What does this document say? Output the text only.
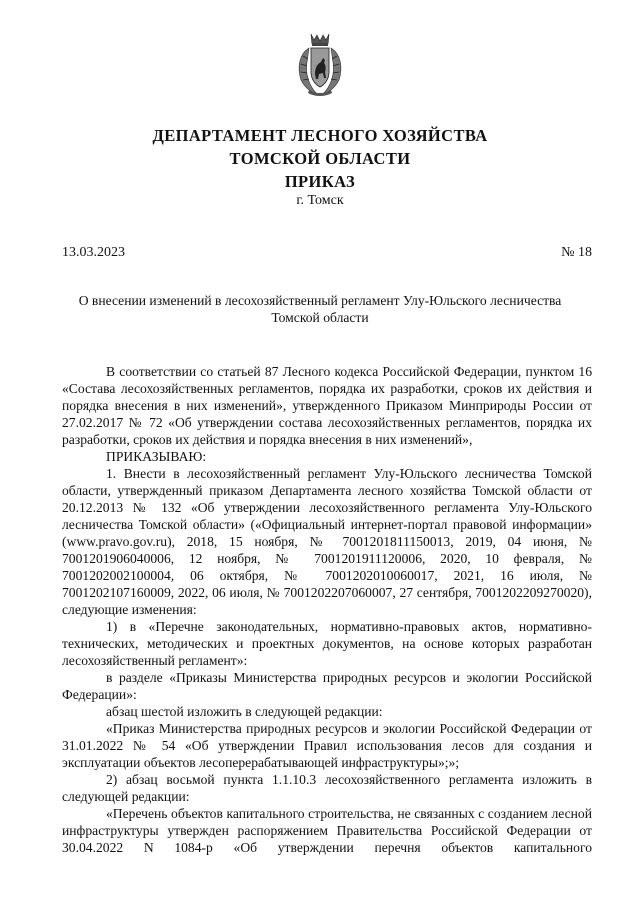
ДЕПАРТАМЕНТ ЛЕСНОГО ХОЗЯЙСТВА
ТОМСКОЙ ОБЛАСТИ
ПРИКАЗ
г. Томск
13.03.2023	№ 18
О внесении изменений в лесохозяйственный регламент Улу-Юльского лесничества Томской области

В соответствии со статьей 87 Лесного кодекса Российской Федерации, пунктом 16 «Состава лесохозяйственных регламентов, порядка их разработки, сроков их действия и порядка внесения в них изменений», утвержденного Приказом Минприроды России от 27.02.2017 № 72 «Об утверждении состава лесохозяйственных регламентов, порядка их разработки, сроков их действия и порядка внесения в них изменений»,

ПРИКАЗЫВАЮ:

1. Внести в лесохозяйственный регламент Улу-Юльского лесничества Томской области, утвержденный приказом Департамента лесного хозяйства Томской области от 20.12.2013 № 132 «Об утверждении лесохозяйственного регламента Улу-Юльского лесничества Томской области» («Официальный интернет-портал правовой информации» (www.pravo.gov.ru), 2018, 15 ноября, № 7001201811150013, 2019, 04 июня, № 7001201906040006, 12 ноября, № 7001201911120006, 2020, 10 февраля, № 7001202002100004, 06 октября, № 7001202010060017, 2021, 16 июля, № 7001202107160009, 2022, 06 июля, № 7001202207060007, 27 сентября, 7001202209270020), следующие изменения:

1) в «Перечне законодательных, нормативно-правовых актов, нормативно-технических, методических и проектных документов, на основе которых разработан лесохозяйственный регламент»:

в разделе «Приказы Министерства природных ресурсов и экологии Российской Федерации»:

абзац шестой изложить в следующей редакции:

«Приказ Министерства природных ресурсов и экологии Российской Федерации от 31.01.2022 № 54 «Об утверждении Правил использования лесов для создания и эксплуатации объектов лесоперерабатывающей инфраструктуры»;»;

2) абзац восьмой пункта 1.1.10.3 лесохозяйственного регламента изложить в следующей редакции:

«Перечень объектов капитального строительства, не связанных с созданием лесной инфраструктуры утвержден распоряжением Правительства Российской Федерации от 30.04.2022 N 1084-р «Об утверждении перечня объектов капитального
